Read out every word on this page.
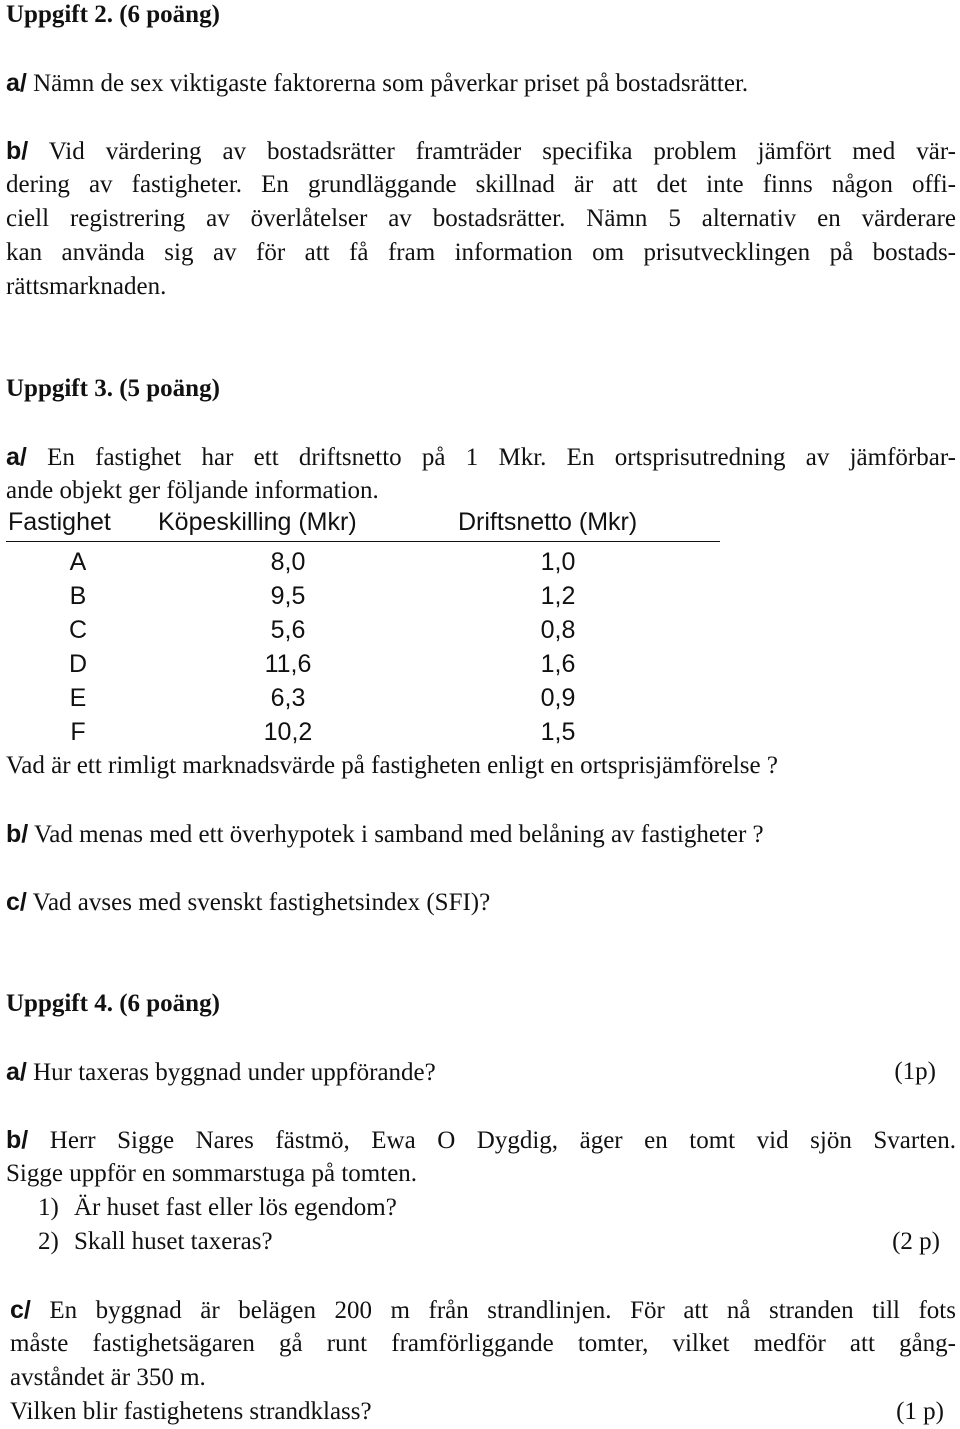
Uppgift 2. (6 poäng)
a/ Nämn de sex viktigaste faktorerna som påverkar priset på bostadsrätter.
b/ Vid värdering av bostadsrätter framträder specifika problem jämfört med vär-
dering av fastigheter. En grundläggande skillnad är att det inte finns någon offi-
ciell registrering av överlåtelser av bostadsrätter. Nämn 5 alternativ en värderare
kan använda sig av för att få fram information om prisutvecklingen på bostads-
rättsmarknaden.
Uppgift 3. (5 poäng)
a/ En fastighet har ett driftsnetto på 1 Mkr. En ortsprisutredning av jämförbar-
ande objekt ger följande information.
Fastighet Köpeskilling (Mkr)	Driftsnetto (Mkr)
A	8,0	1,0
B	9,5	1,2
C	5,6	0,8
D	11,6	1,6
E	6,3	0,9
F	10,2	1,5
Vad är ett rimligt marknadsvärde på fastigheten enligt en ortsprisjämförelse ?
b/ Vad menas med ett överhypotek i samband med belåning av fastigheter ?
c/ Vad avses med svenskt fastighetsindex (SFI)?
Uppgift 4. (6 poäng)
a/ Hur taxeras byggnad under uppförande?	(1p)
b/ Herr Sigge Nares fästmö, Ewa O Dygdig, äger en tomt vid sjön Svarten.
Sigge uppför en sommarstuga på tomten.
1) Är huset fast eller lös egendom?
2) Skall huset taxeras?	(2 p)
c/ En byggnad är belägen 200 m från strandlinjen. För att nå stranden till fots
måste fastighetsägaren gå runt framförliggande tomter, vilket medför att gång-
avståndet är 350 m.
Vilken blir fastighetens strandklass?	(1 p)
